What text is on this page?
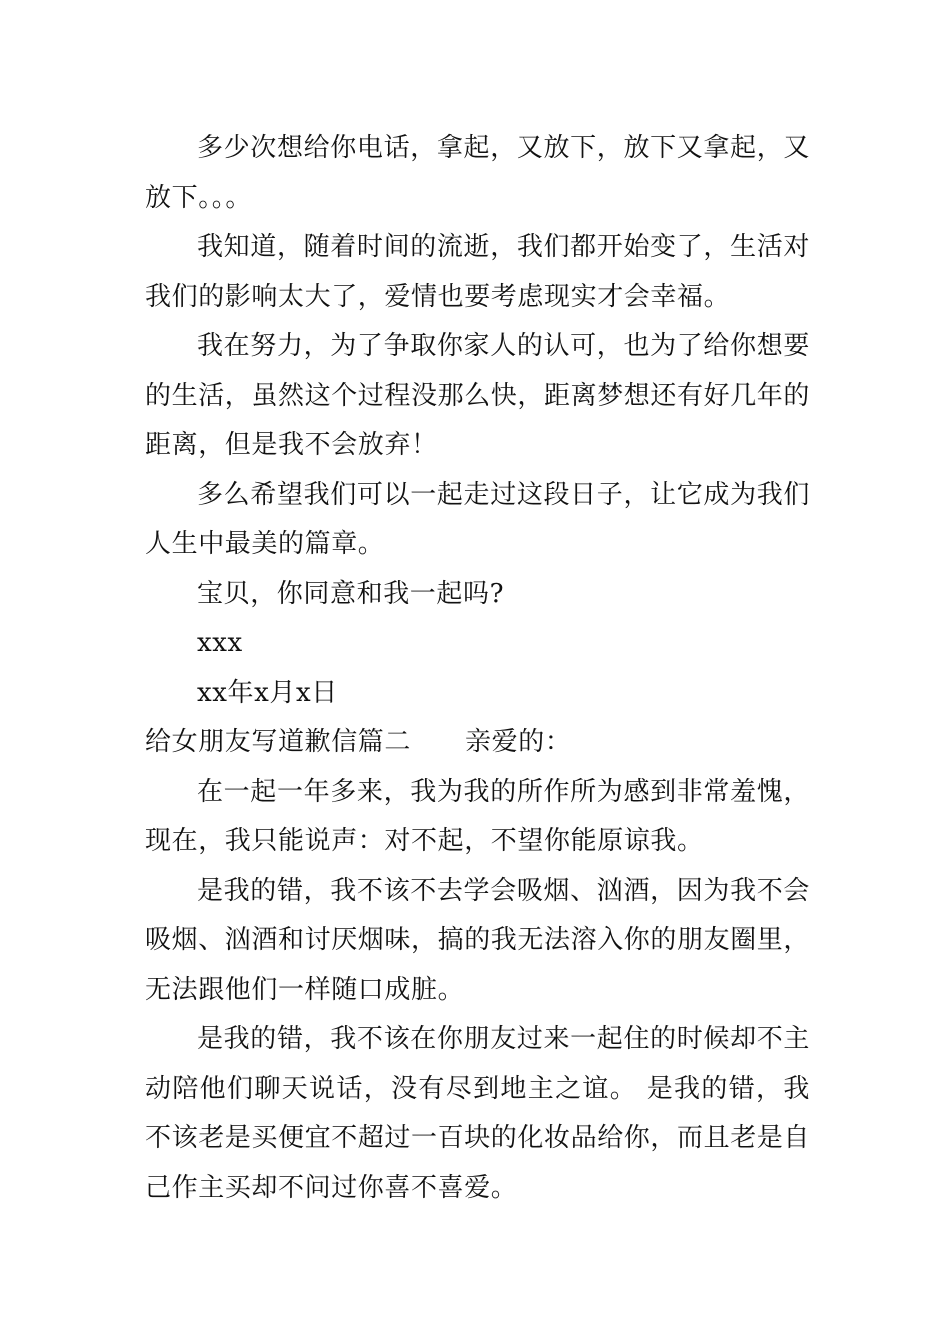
多少次想给你电话，拿起，又放下，放下又拿起，又放下。。。

我知道，随着时间的流逝，我们都开始变了，生活对我们的影响太大了，爱情也要考虑现实才会幸福。

我在努力，为了争取你家人的认可，也为了给你想要的生活，虽然这个过程没那么快，距离梦想还有好几年的距离，但是我不会放弃！

多么希望我们可以一起走过这段日子，让它成为我们人生中最美的篇章。

宝贝，你同意和我一起吗?

xxx

xx年x月x日

给女朋友写道歉信篇二 亲爱的：

在一起一年多来，我为我的所作所为感到非常羞愧，现在，我只能说声：对不起，不望你能原谅我。

是我的错，我不该不去学会吸烟、汹酒，因为我不会吸烟、汹酒和讨厌烟味，搞的我无法溶入你的朋友圈里，无法跟他们一样随口成脏。

是我的错，我不该在你朋友过来一起住的时候却不主动陪他们聊天说话，没有尽到地主之谊。 是我的错，我不该老是买便宜不超过一百块的化妆品给你，而且老是自己作主买却不问过你喜不喜爱。
